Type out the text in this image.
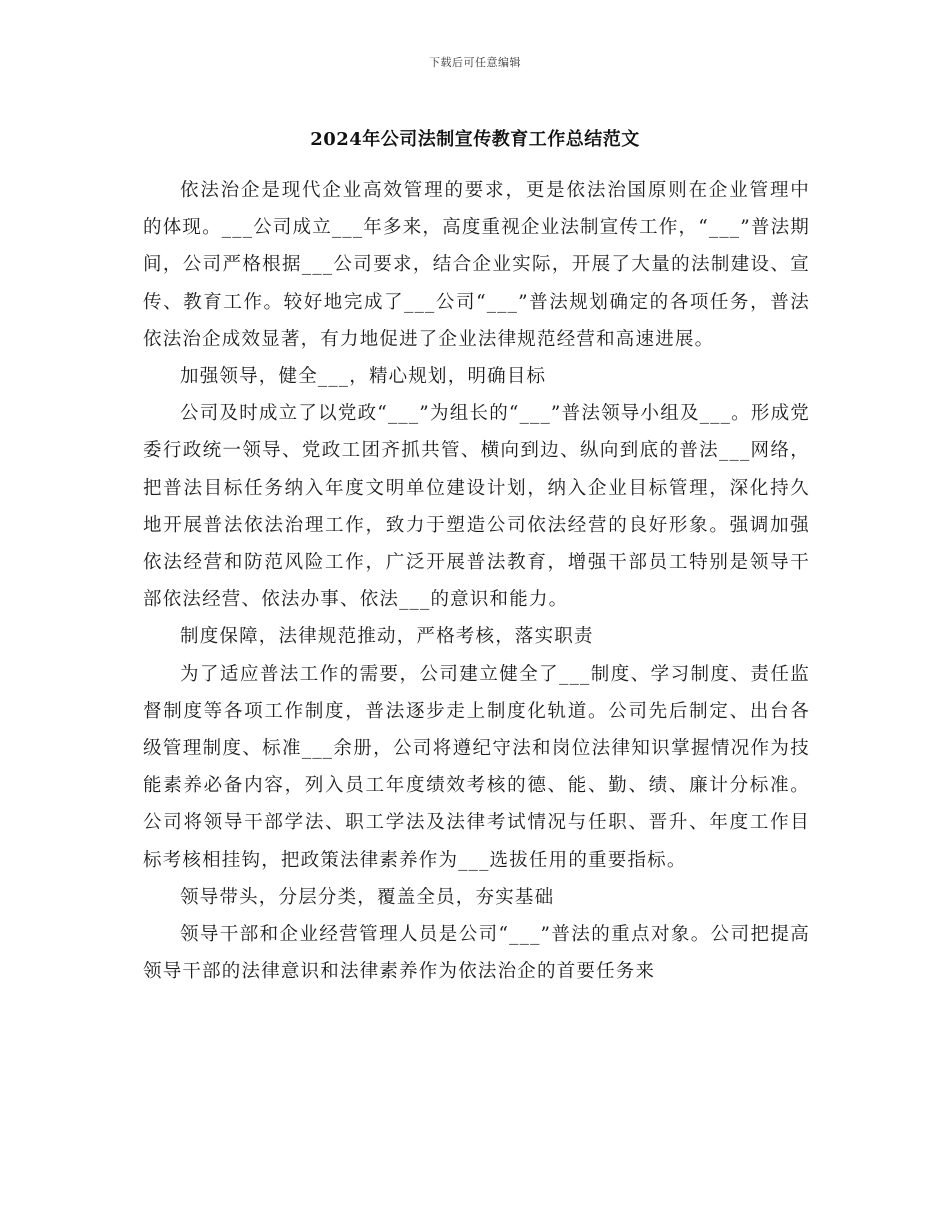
下载后可任意编辑
2024年公司法制宣传教育工作总结范文

依法治企是现代企业高效管理的要求，更是依法治国原则在企业管理中的体现。___公司成立___年多来，高度重视企业法制宣传工作，“___”普法期间，公司严格根据___公司要求，结合企业实际，开展了大量的法制建设、宣传、教育工作。较好地完成了___公司“___”普法规划确定的各项任务，普法依法治企成效显著，有力地促进了企业法律规范经营和高速进展。

加强领导，健全___，精心规划，明确目标

公司及时成立了以党政“___”为组长的“___”普法领导小组及___。形成党委行政统一领导、党政工团齐抓共管、横向到边、纵向到底的普法___网络，把普法目标任务纳入年度文明单位建设计划，纳入企业目标管理，深化持久地开展普法依法治理工作，致力于塑造公司依法经营的良好形象。强调加强依法经营和防范风险工作，广泛开展普法教育，增强干部员工特别是领导干部依法经营、依法办事、依法___的意识和能力。

制度保障，法律规范推动，严格考核，落实职责

为了适应普法工作的需要，公司建立健全了___制度、学习制度、责任监督制度等各项工作制度，普法逐步走上制度化轨道。公司先后制定、出台各级管理制度、标准___余册，公司将遵纪守法和岗位法律知识掌握情况作为技能素养必备内容，列入员工年度绩效考核的德、能、勤、绩、廉计分标准。公司将领导干部学法、职工学法及法律考试情况与任职、晋升、年度工作目标考核相挂钩，把政策法律素养作为___选拔任用的重要指标。

领导带头，分层分类，覆盖全员，夯实基础

领导干部和企业经营管理人员是公司“___”普法的重点对象。公司把提高领导干部的法律意识和法律素养作为依法治企的首要任务来
